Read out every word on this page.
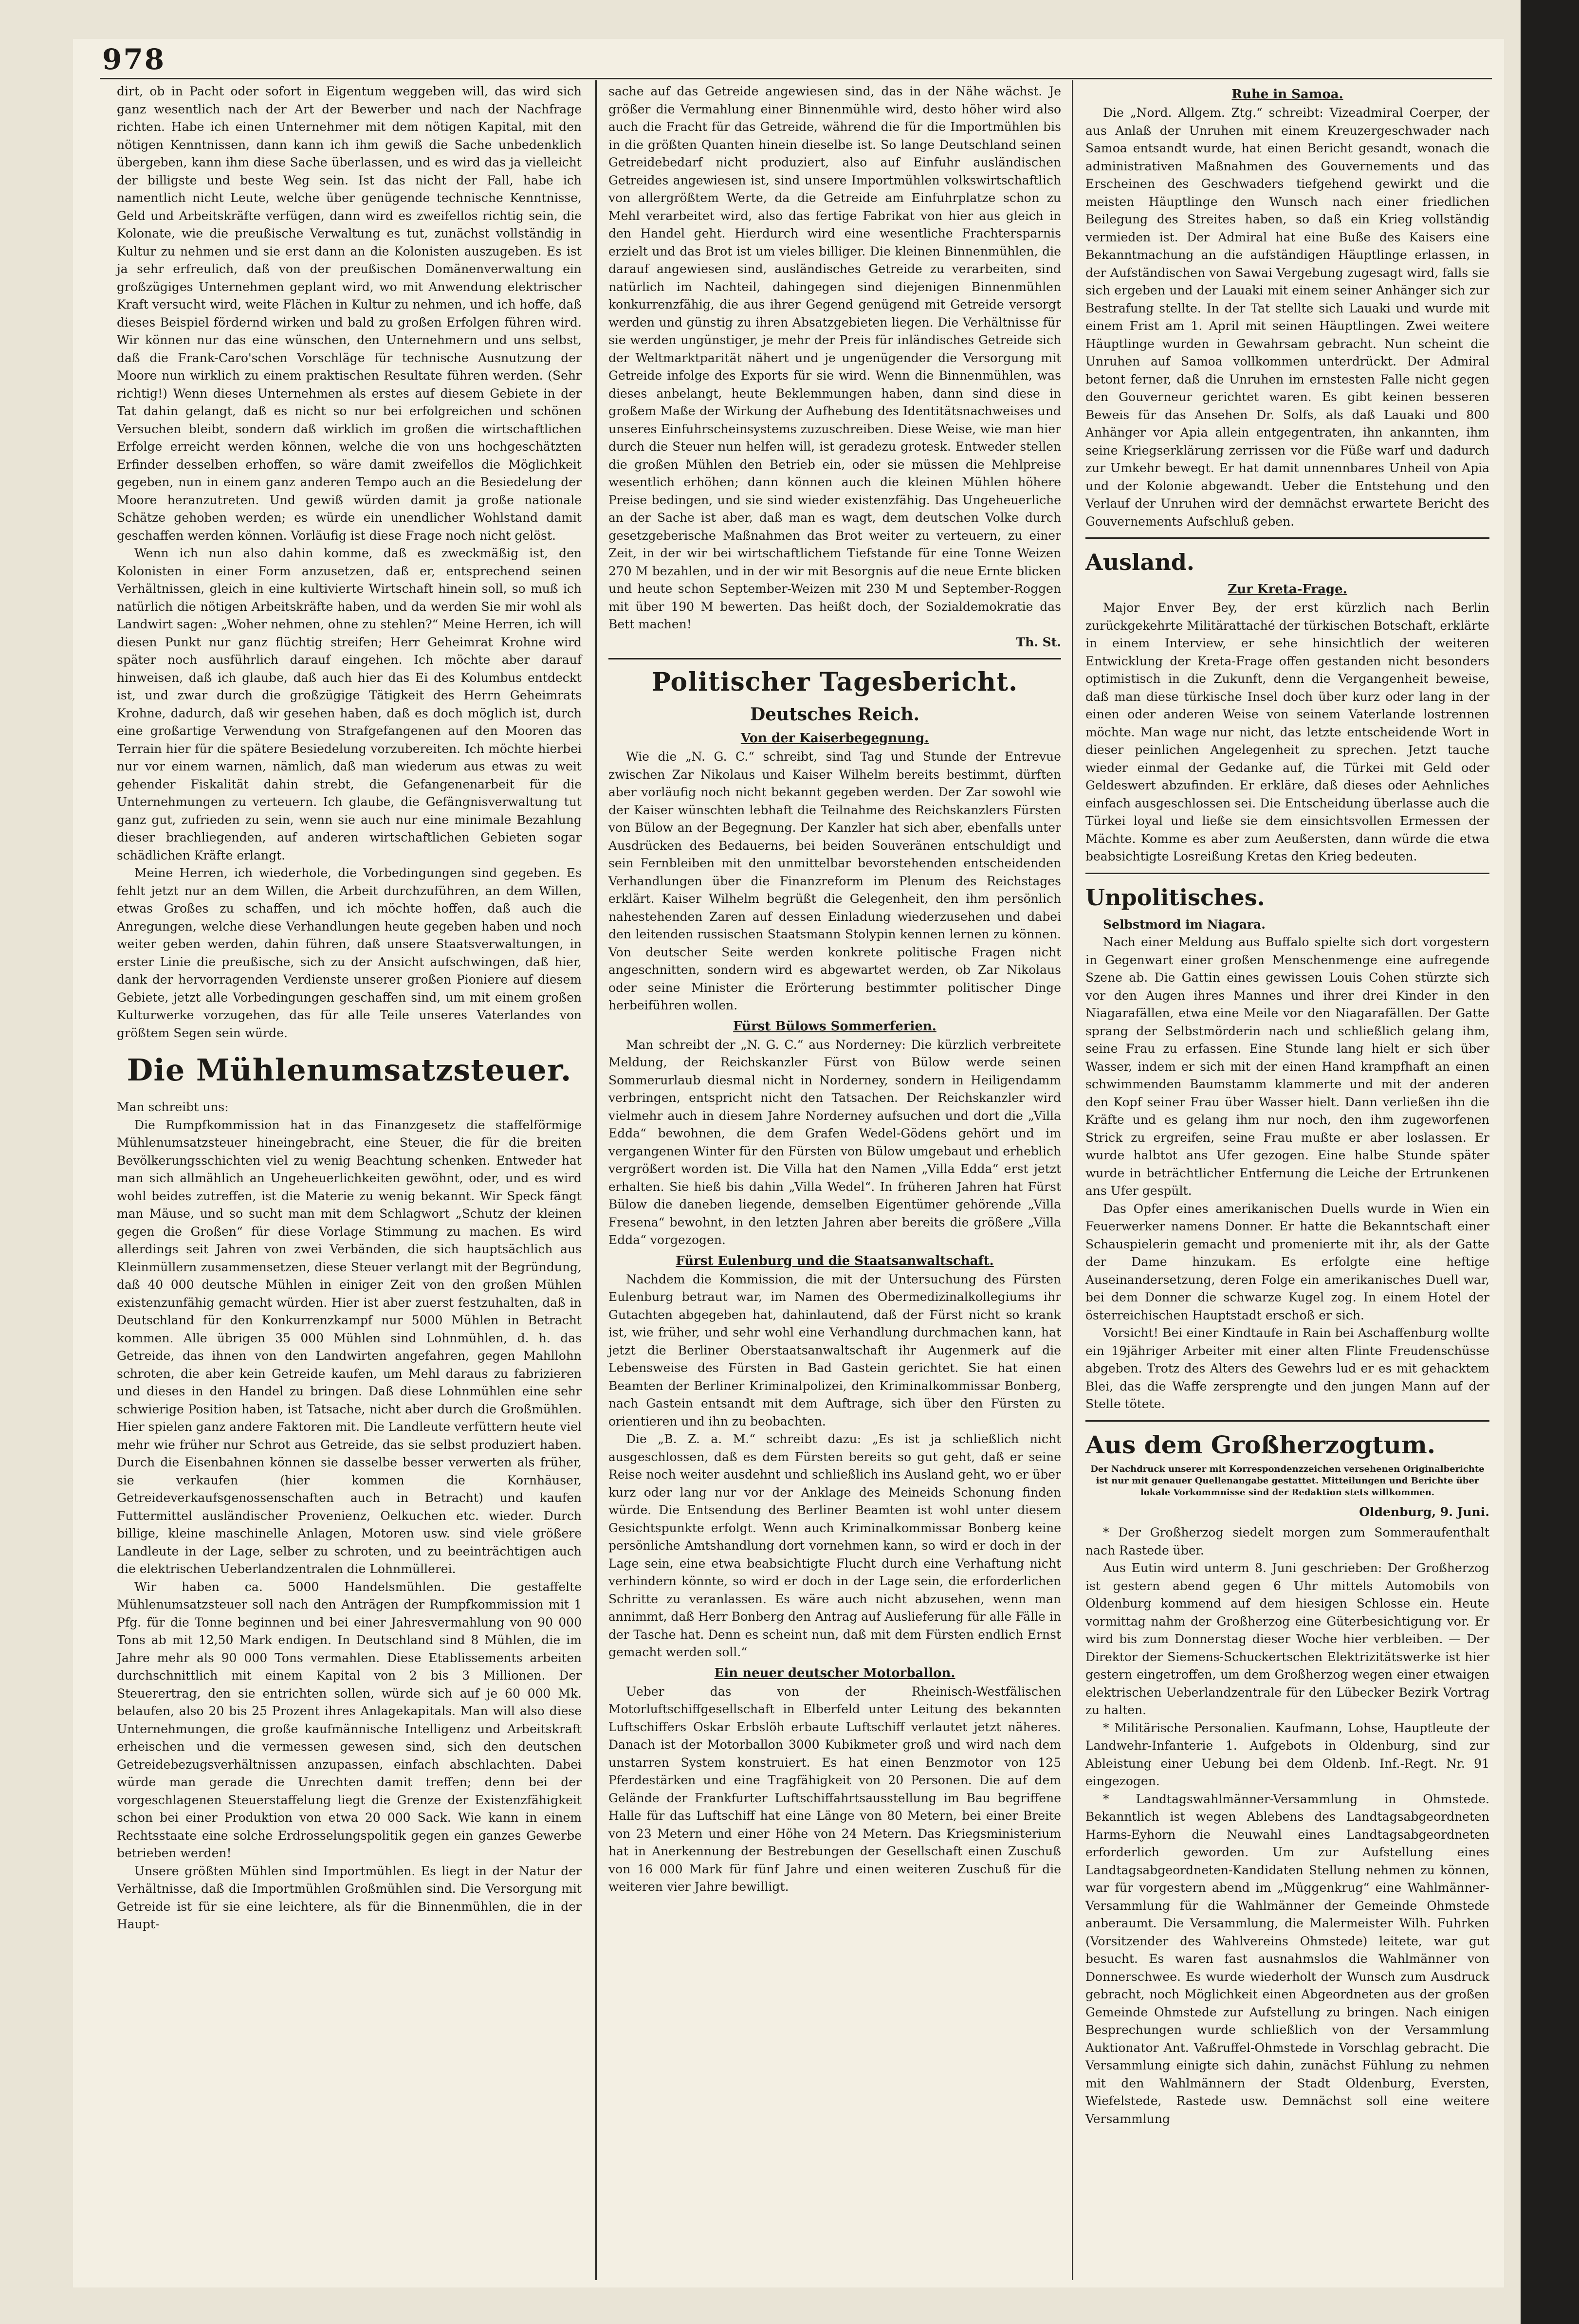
978

dirt, ob in Pacht oder sofort in Eigentum weggeben will, das wird sich ganz wesentlich nach der Art der Bewerber und nach der Nachfrage richten. Habe ich einen Unternehmer mit dem nötigen Kapital, mit den nötigen Kenntnissen, dann kann ich ihm gewiß die Sache unbedenklich übergeben, kann ihm diese Sache überlassen, und es wird das ja vielleicht der billigste und beste Weg sein. Ist das nicht der Fall, habe ich namentlich nicht Leute, welche über genügende technische Kenntnisse, Geld und Arbeitskräfte verfügen, dann wird es zweifellos richtig sein, die Kolonate, wie die preußische Verwaltung es tut, zunächst vollständig in Kultur zu nehmen und sie erst dann an die Kolonisten auszugeben. Es ist ja sehr erfreulich, daß von der preußischen Domänenverwaltung ein großzügiges Unternehmen geplant wird, wo mit Anwendung elektrischer Kraft versucht wird, weite Flächen in Kultur zu nehmen, und ich hoffe, daß dieses Beispiel fördernd wirken und bald zu großen Erfolgen führen wird. Wir können nur das eine wünschen, den Unternehmern und uns selbst, daß die Frank-Caro'schen Vorschläge für technische Ausnutzung der Moore nun wirklich zu einem praktischen Resultate führen werden. (Sehr richtig!) Wenn dieses Unternehmen als erstes auf diesem Gebiete in der Tat dahin gelangt, daß es nicht so nur bei erfolgreichen und schönen Versuchen bleibt, sondern daß wirklich im großen die wirtschaftlichen Erfolge erreicht werden können, welche die von uns hochgeschätzten Erfinder desselben erhoffen, so wäre damit zweifellos die Möglichkeit gegeben, nun in einem ganz anderen Tempo auch an die Besiedelung der Moore heranzutreten. Und gewiß würden damit ja große nationale Schätze gehoben werden; es würde ein unendlicher Wohlstand damit geschaffen werden können. Vorläufig ist diese Frage noch nicht gelöst.

Wenn ich nun also dahin komme, daß es zweckmäßig ist, den Kolonisten in einer Form anzusetzen, daß er, entsprechend seinen Verhältnissen, gleich in eine kultivierte Wirtschaft hinein soll, so muß ich natürlich die nötigen Arbeitskräfte haben, und da werden Sie mir wohl als Landwirt sagen: „Woher nehmen, ohne zu stehlen?“ Meine Herren, ich will diesen Punkt nur ganz flüchtig streifen; Herr Geheimrat Krohne wird später noch ausführlich darauf eingehen. Ich möchte aber darauf hinweisen, daß ich glaube, daß auch hier das Ei des Kolumbus entdeckt ist, und zwar durch die großzügige Tätigkeit des Herrn Geheimrats Krohne, dadurch, daß wir gesehen haben, daß es doch möglich ist, durch eine großartige Verwendung von Strafgefangenen auf den Mooren das Terrain hier für die spätere Besiedelung vorzubereiten. Ich möchte hierbei nur vor einem warnen, nämlich, daß man wiederum aus etwas zu weit gehender Fiskalität dahin strebt, die Gefangenenarbeit für die Unternehmungen zu verteuern. Ich glaube, die Gefängnisverwaltung tut ganz gut, zufrieden zu sein, wenn sie auch nur eine minimale Bezahlung dieser brachliegenden, auf anderen wirtschaftlichen Gebieten sogar schädlichen Kräfte erlangt.

Meine Herren, ich wiederhole, die Vorbedingungen sind gegeben. Es fehlt jetzt nur an dem Willen, die Arbeit durchzuführen, an dem Willen, etwas Großes zu schaffen, und ich möchte hoffen, daß auch die Anregungen, welche diese Verhandlungen heute gegeben haben und noch weiter geben werden, dahin führen, daß unsere Staatsverwaltungen, in erster Linie die preußische, sich zu der Ansicht aufschwingen, daß hier, dank der hervorragenden Verdienste unserer großen Pioniere auf diesem Gebiete, jetzt alle Vorbedingungen geschaffen sind, um mit einem großen Kulturwerke vorzugehen, das für alle Teile unseres Vaterlandes von größtem Segen sein würde.

Die Mühlenumsatzsteuer.

Man schreibt uns:

Die Rumpfkommission hat in das Finanzgesetz die staffelförmige Mühlenumsatzsteuer hineingebracht, eine Steuer, die für die breiten Bevölkerungsschichten viel zu wenig Beachtung schenken. Entweder hat man sich allmählich an Ungeheuerlichkeiten gewöhnt, oder, und es wird wohl beides zutreffen, ist die Materie zu wenig bekannt. Wir Speck fängt man Mäuse, und so sucht man mit dem Schlagwort „Schutz der kleinen gegen die Großen“ für diese Vorlage Stimmung zu machen. Es wird allerdings seit Jahren von zwei Verbänden, die sich hauptsächlich aus Kleinmüllern zusammensetzen, diese Steuer verlangt mit der Begründung, daß 40 000 deutsche Mühlen in einiger Zeit von den großen Mühlen existenzunfähig gemacht würden. Hier ist aber zuerst festzuhalten, daß in Deutschland für den Konkurrenzkampf nur 5000 Mühlen in Betracht kommen. Alle übrigen 35 000 Mühlen sind Lohnmühlen, d. h. das Getreide, das ihnen von den Landwirten angefahren, gegen Mahllohn schroten, die aber kein Getreide kaufen, um Mehl daraus zu fabrizieren und dieses in den Handel zu bringen. Daß diese Lohnmühlen eine sehr schwierige Position haben, ist Tatsache, nicht aber durch die Großmühlen. Hier spielen ganz andere Faktoren mit. Die Landleute verfüttern heute viel mehr wie früher nur Schrot aus Getreide, das sie selbst produziert haben. Durch die Eisenbahnen können sie dasselbe besser verwerten als früher, sie verkaufen (hier kommen die Kornhäuser, Getreideverkaufsgenossenschaften auch in Betracht) und kaufen Futtermittel ausländischer Provenienz, Oelkuchen etc. wieder. Durch billige, kleine maschinelle Anlagen, Motoren usw. sind viele größere Landleute in der Lage, selber zu schroten, und zu beeinträchtigen auch die elektrischen Ueberlandzentralen die Lohnmüllerei.

Wir haben ca. 5000 Handelsmühlen. Die gestaffelte Mühlenumsatzsteuer soll nach den Anträgen der Rumpfkommission mit 1 Pfg. für die Tonne beginnen und bei einer Jahresvermahlung von 90 000 Tons ab mit 12,50 Mark endigen. In Deutschland sind 8 Mühlen, die im Jahre mehr als 90 000 Tons vermahlen. Diese Etablissements arbeiten durchschnittlich mit einem Kapital von 2 bis 3 Millionen. Der Steuerertrag, den sie entrichten sollen, würde sich auf je 60 000 Mk. belaufen, also 20 bis 25 Prozent ihres Anlagekapitals. Man will also diese Unternehmungen, die große kaufmännische Intelligenz und Arbeitskraft erheischen und die vermessen gewesen sind, sich den deutschen Getreidebezugsverhältnissen anzupassen, einfach abschlachten. Dabei würde man gerade die Unrechten damit treffen; denn bei der vorgeschlagenen Steuerstaffelung liegt die Grenze der Existenzfähigkeit schon bei einer Produktion von etwa 20 000 Sack. Wie kann in einem Rechtsstaate eine solche Erdrosselungspolitik gegen ein ganzes Gewerbe betrieben werden!

Unsere größten Mühlen sind Importmühlen. Es liegt in der Natur der Verhältnisse, daß die Importmühlen Großmühlen sind. Die Versorgung mit Getreide ist für sie eine leichtere, als für die Binnenmühlen, die in der Haupt-

sache auf das Getreide angewiesen sind, das in der Nähe wächst. Je größer die Vermahlung einer Binnenmühle wird, desto höher wird also auch die Fracht für das Getreide, während die für die Importmühlen bis in die größten Quanten hinein dieselbe ist. So lange Deutschland seinen Getreidebedarf nicht produziert, also auf Einfuhr ausländischen Getreides angewiesen ist, sind unsere Importmühlen volkswirtschaftlich von allergrößtem Werte, da die Getreide am Einfuhrplatze schon zu Mehl verarbeitet wird, also das fertige Fabrikat von hier aus gleich in den Handel geht. Hierdurch wird eine wesentliche Frachtersparnis erzielt und das Brot ist um vieles billiger. Die kleinen Binnenmühlen, die darauf angewiesen sind, ausländisches Getreide zu verarbeiten, sind natürlich im Nachteil, dahingegen sind diejenigen Binnenmühlen konkurrenzfähig, die aus ihrer Gegend genügend mit Getreide versorgt werden und günstig zu ihren Absatzgebieten liegen. Die Verhältnisse für sie werden ungünstiger, je mehr der Preis für inländisches Getreide sich der Weltmarktparität nähert und je ungenügender die Versorgung mit Getreide infolge des Exports für sie wird. Wenn die Binnenmühlen, was dieses anbelangt, heute Beklemmungen haben, dann sind diese in großem Maße der Wirkung der Aufhebung des Identitätsnachweises und unseres Einfuhrscheinsystems zuzuschreiben. Diese Weise, wie man hier durch die Steuer nun helfen will, ist geradezu grotesk. Entweder stellen die großen Mühlen den Betrieb ein, oder sie müssen die Mehlpreise wesentlich erhöhen; dann können auch die kleinen Mühlen höhere Preise bedingen, und sie sind wieder existenzfähig. Das Ungeheuerliche an der Sache ist aber, daß man es wagt, dem deutschen Volke durch gesetzgeberische Maßnahmen das Brot weiter zu verteuern, zu einer Zeit, in der wir bei wirtschaftlichem Tiefstande für eine Tonne Weizen 270 M bezahlen, und in der wir mit Besorgnis auf die neue Ernte blicken und heute schon September-Weizen mit 230 M und September-Roggen mit über 190 M bewerten. Das heißt doch, der Sozialdemokratie das Bett machen!

Th. St.
Politischer Tagesbericht.
Deutsches Reich.
Von der Kaiserbegegnung.

Wie die „N. G. C.“ schreibt, sind Tag und Stunde der Entrevue zwischen Zar Nikolaus und Kaiser Wilhelm bereits bestimmt, dürften aber vorläufig noch nicht bekannt gegeben werden. Der Zar sowohl wie der Kaiser wünschten lebhaft die Teilnahme des Reichskanzlers Fürsten von Bülow an der Begegnung. Der Kanzler hat sich aber, ebenfalls unter Ausdrücken des Bedauerns, bei beiden Souveränen entschuldigt und sein Fernbleiben mit den unmittelbar bevorstehenden entscheidenden Verhandlungen über die Finanzreform im Plenum des Reichstages erklärt. Kaiser Wilhelm begrüßt die Gelegenheit, den ihm persönlich nahestehenden Zaren auf dessen Einladung wiederzusehen und dabei den leitenden russischen Staatsmann Stolypin kennen lernen zu können. Von deutscher Seite werden konkrete politische Fragen nicht angeschnitten, sondern wird es abgewartet werden, ob Zar Nikolaus oder seine Minister die Erörterung bestimmter politischer Dinge herbeiführen wollen.

Fürst Bülows Sommerferien.

Man schreibt der „N. G. C.“ aus Norderney: Die kürzlich verbreitete Meldung, der Reichskanzler Fürst von Bülow werde seinen Sommerurlaub diesmal nicht in Norderney, sondern in Heiligendamm verbringen, entspricht nicht den Tatsachen. Der Reichskanzler wird vielmehr auch in diesem Jahre Norderney aufsuchen und dort die „Villa Edda“ bewohnen, die dem Grafen Wedel-Gödens gehört und im vergangenen Winter für den Fürsten von Bülow umgebaut und erheblich vergrößert worden ist. Die Villa hat den Namen „Villa Edda“ erst jetzt erhalten. Sie hieß bis dahin „Villa Wedel“. In früheren Jahren hat Fürst Bülow die daneben liegende, demselben Eigentümer gehörende „Villa Fresena“ bewohnt, in den letzten Jahren aber bereits die größere „Villa Edda“ vorgezogen.

Fürst Eulenburg und die Staatsanwaltschaft.

Nachdem die Kommission, die mit der Untersuchung des Fürsten Eulenburg betraut war, im Namen des Obermedizinalkollegiums ihr Gutachten abgegeben hat, dahinlautend, daß der Fürst nicht so krank ist, wie früher, und sehr wohl eine Verhandlung durchmachen kann, hat jetzt die Berliner Oberstaatsanwaltschaft ihr Augenmerk auf die Lebensweise des Fürsten in Bad Gastein gerichtet. Sie hat einen Beamten der Berliner Kriminalpolizei, den Kriminalkommissar Bonberg, nach Gastein entsandt mit dem Auftrage, sich über den Fürsten zu orientieren und ihn zu beobachten.

Die „B. Z. a. M.“ schreibt dazu: „Es ist ja schließlich nicht ausgeschlossen, daß es dem Fürsten bereits so gut geht, daß er seine Reise noch weiter ausdehnt und schließlich ins Ausland geht, wo er über kurz oder lang nur vor der Anklage des Meineids Schonung finden würde. Die Entsendung des Berliner Beamten ist wohl unter diesem Gesichtspunkte erfolgt. Wenn auch Kriminalkommissar Bonberg keine persönliche Amtshandlung dort vornehmen kann, so wird er doch in der Lage sein, eine etwa beabsichtigte Flucht durch eine Verhaftung nicht verhindern könnte, so wird er doch in der Lage sein, die erforderlichen Schritte zu veranlassen. Es wäre auch nicht abzusehen, wenn man annimmt, daß Herr Bonberg den Antrag auf Auslieferung für alle Fälle in der Tasche hat. Denn es scheint nun, daß mit dem Fürsten endlich Ernst gemacht werden soll.“

Ein neuer deutscher Motorballon.

Ueber das von der Rheinisch-Westfälischen Motorluftschiffgesellschaft in Elberfeld unter Leitung des bekannten Luftschiffers Oskar Erbslöh erbaute Luftschiff verlautet jetzt näheres. Danach ist der Motorballon 3000 Kubikmeter groß und wird nach dem unstarren System konstruiert. Es hat einen Benzmotor von 125 Pferdestärken und eine Tragfähigkeit von 20 Personen. Die auf dem Gelände der Frankfurter Luftschiffahrtsausstellung im Bau begriffene Halle für das Luftschiff hat eine Länge von 80 Metern, bei einer Breite von 23 Metern und einer Höhe von 24 Metern. Das Kriegsministerium hat in Anerkennung der Bestrebungen der Gesellschaft einen Zuschuß von 16 000 Mark für fünf Jahre und einen weiteren Zuschuß für die weiteren vier Jahre bewilligt.

Ruhe in Samoa.

Die „Nord. Allgem. Ztg.“ schreibt: Vizeadmiral Coerper, der aus Anlaß der Unruhen mit einem Kreuzergeschwader nach Samoa entsandt wurde, hat einen Bericht gesandt, wonach die administrativen Maßnahmen des Gouvernements und das Erscheinen des Geschwaders tiefgehend gewirkt und die meisten Häuptlinge den Wunsch nach einer friedlichen Beilegung des Streites haben, so daß ein Krieg vollständig vermieden ist. Der Admiral hat eine Buße des Kaisers eine Bekanntmachung an die aufständigen Häuptlinge erlassen, in der Aufständischen von Sawai Vergebung zugesagt wird, falls sie sich ergeben und der Lauaki mit einem seiner Anhänger sich zur Bestrafung stellte. In der Tat stellte sich Lauaki und wurde mit einem Frist am 1. April mit seinen Häuptlingen. Zwei weitere Häuptlinge wurden in Gewahrsam gebracht. Nun scheint die Unruhen auf Samoa vollkommen unterdrückt. Der Admiral betont ferner, daß die Unruhen im ernstesten Falle nicht gegen den Gouverneur gerichtet waren. Es gibt keinen besseren Beweis für das Ansehen Dr. Solfs, als daß Lauaki und 800 Anhänger vor Apia allein entgegentraten, ihn ankannten, ihm seine Kriegserklärung zerrissen vor die Füße warf und dadurch zur Umkehr bewegt. Er hat damit unnennbares Unheil von Apia und der Kolonie abgewandt. Ueber die Entstehung und den Verlauf der Unruhen wird der demnächst erwartete Bericht des Gouvernements Aufschluß geben.

Ausland.
Zur Kreta-Frage.

Major Enver Bey, der erst kürzlich nach Berlin zurückgekehrte Militärattaché der türkischen Botschaft, erklärte in einem Interview, er sehe hinsichtlich der weiteren Entwicklung der Kreta-Frage offen gestanden nicht besonders optimistisch in die Zukunft, denn die Vergangenheit beweise, daß man diese türkische Insel doch über kurz oder lang in der einen oder anderen Weise von seinem Vaterlande lostrennen möchte. Man wage nur nicht, das letzte entscheidende Wort in dieser peinlichen Angelegenheit zu sprechen. Jetzt tauche wieder einmal der Gedanke auf, die Türkei mit Geld oder Geldeswert abzufinden. Er erkläre, daß dieses oder Aehnliches einfach ausgeschlossen sei. Die Entscheidung überlasse auch die Türkei loyal und ließe sie dem einsichtsvollen Ermessen der Mächte. Komme es aber zum Aeußersten, dann würde die etwa beabsichtigte Losreißung Kretas den Krieg bedeuten.

Unpolitisches.

Selbstmord im Niagara.

Nach einer Meldung aus Buffalo spielte sich dort vorgestern in Gegenwart einer großen Menschenmenge eine aufregende Szene ab. Die Gattin eines gewissen Louis Cohen stürzte sich vor den Augen ihres Mannes und ihrer drei Kinder in den Niagarafällen, etwa eine Meile vor den Niagarafällen. Der Gatte sprang der Selbstmörderin nach und schließlich gelang ihm, seine Frau zu erfassen. Eine Stunde lang hielt er sich über Wasser, indem er sich mit der einen Hand krampfhaft an einen schwimmenden Baumstamm klammerte und mit der anderen den Kopf seiner Frau über Wasser hielt. Dann verließen ihn die Kräfte und es gelang ihm nur noch, den ihm zugeworfenen Strick zu ergreifen, seine Frau mußte er aber loslassen. Er wurde halbtot ans Ufer gezogen. Eine halbe Stunde später wurde in beträchtlicher Entfernung die Leiche der Ertrunkenen ans Ufer gespült.

Das Opfer eines amerikanischen Duells wurde in Wien ein Feuerwerker namens Donner. Er hatte die Bekanntschaft einer Schauspielerin gemacht und promenierte mit ihr, als der Gatte der Dame hinzukam. Es erfolgte eine heftige Auseinandersetzung, deren Folge ein amerikanisches Duell war, bei dem Donner die schwarze Kugel zog. In einem Hotel der österreichischen Hauptstadt erschoß er sich.

Vorsicht! Bei einer Kindtaufe in Rain bei Aschaffenburg wollte ein 19jähriger Arbeiter mit einer alten Flinte Freudenschüsse abgeben. Trotz des Alters des Gewehrs lud er es mit gehacktem Blei, das die Waffe zersprengte und den jungen Mann auf der Stelle tötete.

Aus dem Großherzogtum.
Der Nachdruck unserer mit Korrespondenzzeichen versehenen Originalberichte ist nur mit genauer Quellenangabe gestattet. Mitteilungen und Berichte über lokale Vorkommnisse sind der Redaktion stets willkommen.
Oldenburg, 9. Juni.

* Der Großherzog siedelt morgen zum Sommeraufenthalt nach Rastede über.

Aus Eutin wird unterm 8. Juni geschrieben: Der Großherzog ist gestern abend gegen 6 Uhr mittels Automobils von Oldenburg kommend auf dem hiesigen Schlosse ein. Heute vormittag nahm der Großherzog eine Güterbesichtigung vor. Er wird bis zum Donnerstag dieser Woche hier verbleiben. — Der Direktor der Siemens-Schuckertschen Elektrizitätswerke ist hier gestern eingetroffen, um dem Großherzog wegen einer etwaigen elektrischen Ueberlandzentrale für den Lübecker Bezirk Vortrag zu halten.

* Militärische Personalien. Kaufmann, Lohse, Hauptleute der Landwehr-Infanterie 1. Aufgebots in Oldenburg, sind zur Ableistung einer Uebung bei dem Oldenb. Inf.-Regt. Nr. 91 eingezogen.

* Landtagswahlmänner-Versammlung in Ohmstede. Bekanntlich ist wegen Ablebens des Landtagsabgeordneten Harms-Eyhorn die Neuwahl eines Landtagsabgeordneten erforderlich geworden. Um zur Aufstellung eines Landtagsabgeordneten-Kandidaten Stellung nehmen zu können, war für vorgestern abend im „Müggenkrug“ eine Wahlmänner-Versammlung für die Wahlmänner der Gemeinde Ohmstede anberaumt. Die Versammlung, die Malermeister Wilh. Fuhrken (Vorsitzender des Wahlvereins Ohmstede) leitete, war gut besucht. Es waren fast ausnahmslos die Wahlmänner von Donnerschwee. Es wurde wiederholt der Wunsch zum Ausdruck gebracht, noch Möglichkeit einen Abgeordneten aus der großen Gemeinde Ohmstede zur Aufstellung zu bringen. Nach einigen Besprechungen wurde schließlich von der Versammlung Auktionator Ant. Vaßruffel-Ohmstede in Vorschlag gebracht. Die Versammlung einigte sich dahin, zunächst Fühlung zu nehmen mit den Wahlmännern der Stadt Oldenburg, Eversten, Wiefelstede, Rastede usw. Demnächst soll eine weitere Versammlung
